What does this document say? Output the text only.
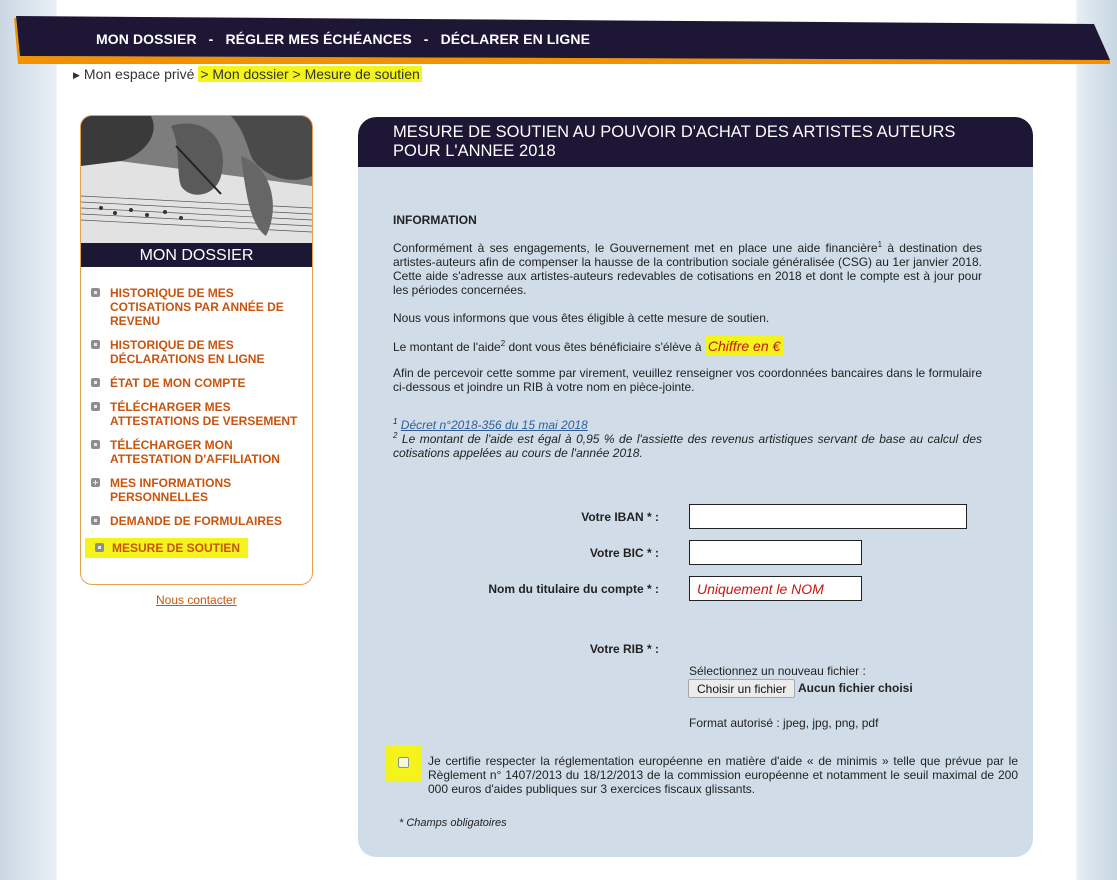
MON DOSSIER - RÉGLER MES ÉCHÉANCES - DÉCLARER EN LIGNE
▶ Mon espace privé > Mon dossier > Mesure de soutien
MON DOSSIER
HISTORIQUE DE MES COTISATIONS PAR ANNÉE DE REVENU
HISTORIQUE DE MES DÉCLARATIONS EN LIGNE
ÉTAT DE MON COMPTE
TÉLÉCHARGER MES ATTESTATIONS DE VERSEMENT
TÉLÉCHARGER MON ATTESTATION D'AFFILIATION
MES INFORMATIONS PERSONNELLES
DEMANDE DE FORMULAIRES
MESURE DE SOUTIEN
Nous contacter
MESURE DE SOUTIEN AU POUVOIR D'ACHAT DES ARTISTES AUTEURS POUR L'ANNEE 2018

INFORMATION

Conformément à ses engagements, le Gouvernement met en place une aide financière$^1$ à destination des artistes-auteurs afin de compenser la hausse de la contribution sociale généralisée (CSG) au 1er janvier 2018. Cette aide s'adresse aux artistes-auteurs redevables de cotisations en 2018 et dont le compte est à jour pour les périodes concernées.

Nous vous informons que vous êtes éligible à cette mesure de soutien.

Le montant de l'aide$^2$ dont vous êtes bénéficiaire s'élève à Chiffre en €

Afin de percevoir cette somme par virement, veuillez renseigner vos coordonnées bancaires dans le formulaire ci-dessous et joindre un RIB à votre nom en pièce-jointe.

$^1$ Décret n°2018-356 du 15 mai 2018

$^2$ Le montant de l'aide est égal à 0,95 % de l'assiette des revenus artistiques servant de base au calcul des cotisations appelées au cours de l'année 2018.

Votre IBAN * :
Votre BIC * :
Nom du titulaire du compte * :
Uniquement le NOM
Votre RIB * :
Sélectionnez un nouveau fichier :
Choisir un fichier Aucun fichier choisi
Format autorisé : jpeg, jpg, png, pdf
Je certifie respecter la réglementation européenne en matière d'aide « de minimis » telle que prévue par le Règlement n° 1407/2013 du 18/12/2013 de la commission européenne et notamment le seuil maximal de 200 000 euros d'aides publiques sur 3 exercices fiscaux glissants.
* Champs obligatoires
